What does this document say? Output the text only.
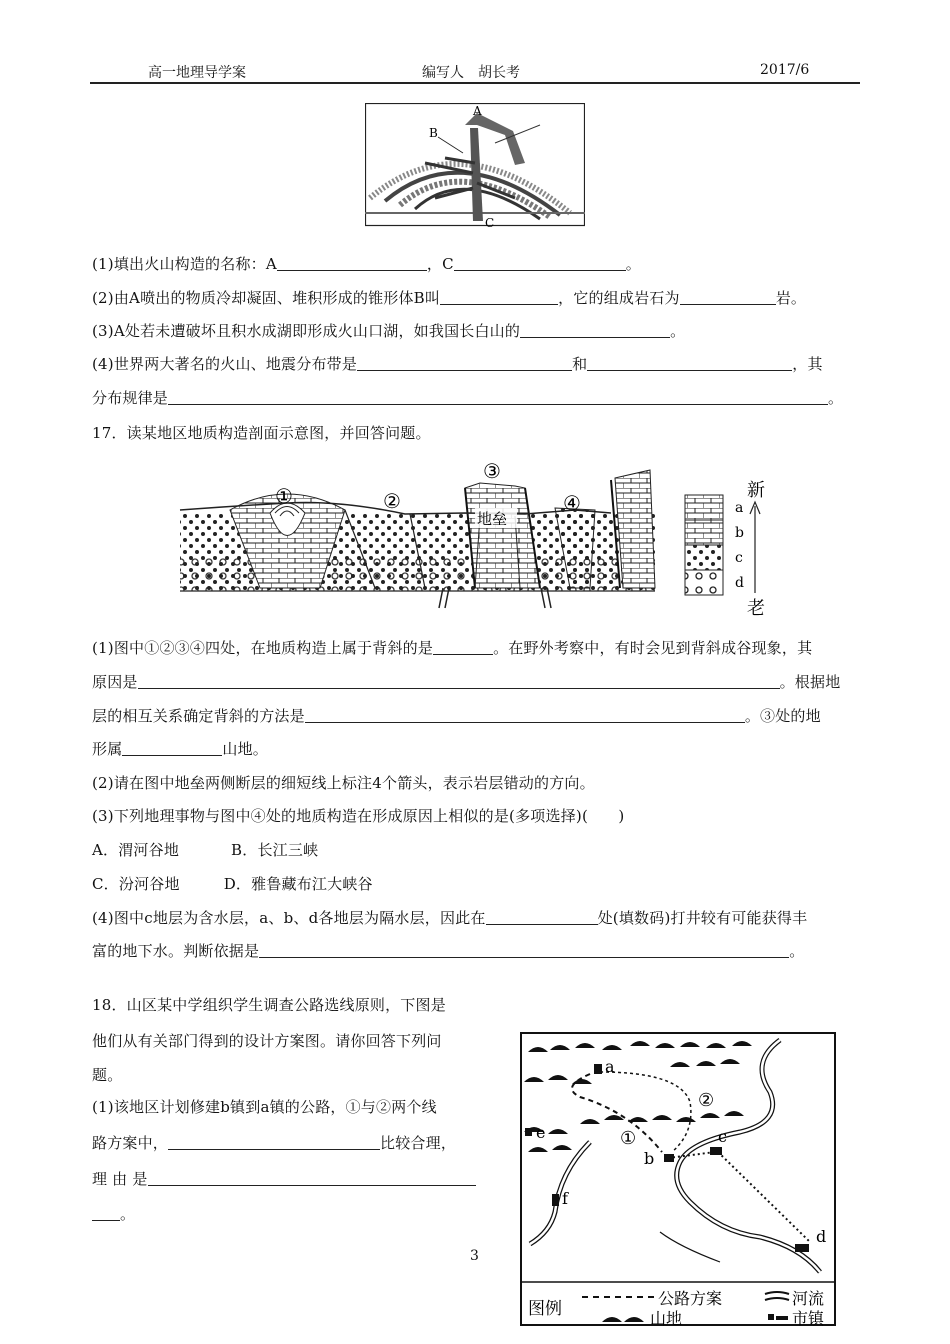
高一地理导学案	编写人　胡长考	2017/6
A
B
C
(1)填出火山构造的名称：A	，C	。
(2)由A喷出的物质冷却凝固、堆积形成的锥形体B叫	，它的组成岩石为	岩。
(3)A处若未遭破坏且积水成湖即形成火山口湖，如我国长白山的	。
(4)世界两大著名的火山、地震分布带是	和	，其
分布规律是	。
17．读某地区地质构造剖面示意图，并回答问题。
①	②
③
④
地垒
a
b
c
d
新
老
(1)图中①②③④四处，在地质构造上属于背斜的是	。在野外考察中，有时会见到背斜成谷现象，其
原因是	。根据地
层的相互关系确定背斜的方法是	。③处的地
形属	山地。
(2)请在图中地垒两侧断层的细短线上标注4个箭头，表示岩层错动的方向。
(3)下列地理事物与图中④处的地质构造在形成原因上相似的是(多项选择)(　　)
A．渭河谷地	B．长江三峡
C．汾河谷地	D．雅鲁藏布江大峡谷
(4)图中c地层为含水层，a、b、d各地层为隔水层，因此在	处(填数码)打井较有可能获得丰
富的地下水。判断依据是	。
18．山区某中学组织学生调查公路选线原则，下图是
他们从有关部门得到的设计方案图。请你回答下列问
题。
(1)该地区计划修建b镇到a镇的公路，①与②两个线
路方案中，	比较合理，
理 由 是
。
a
e
b
c
d
f
①
②
图例
公路方案
山地
河流
市镇
3
